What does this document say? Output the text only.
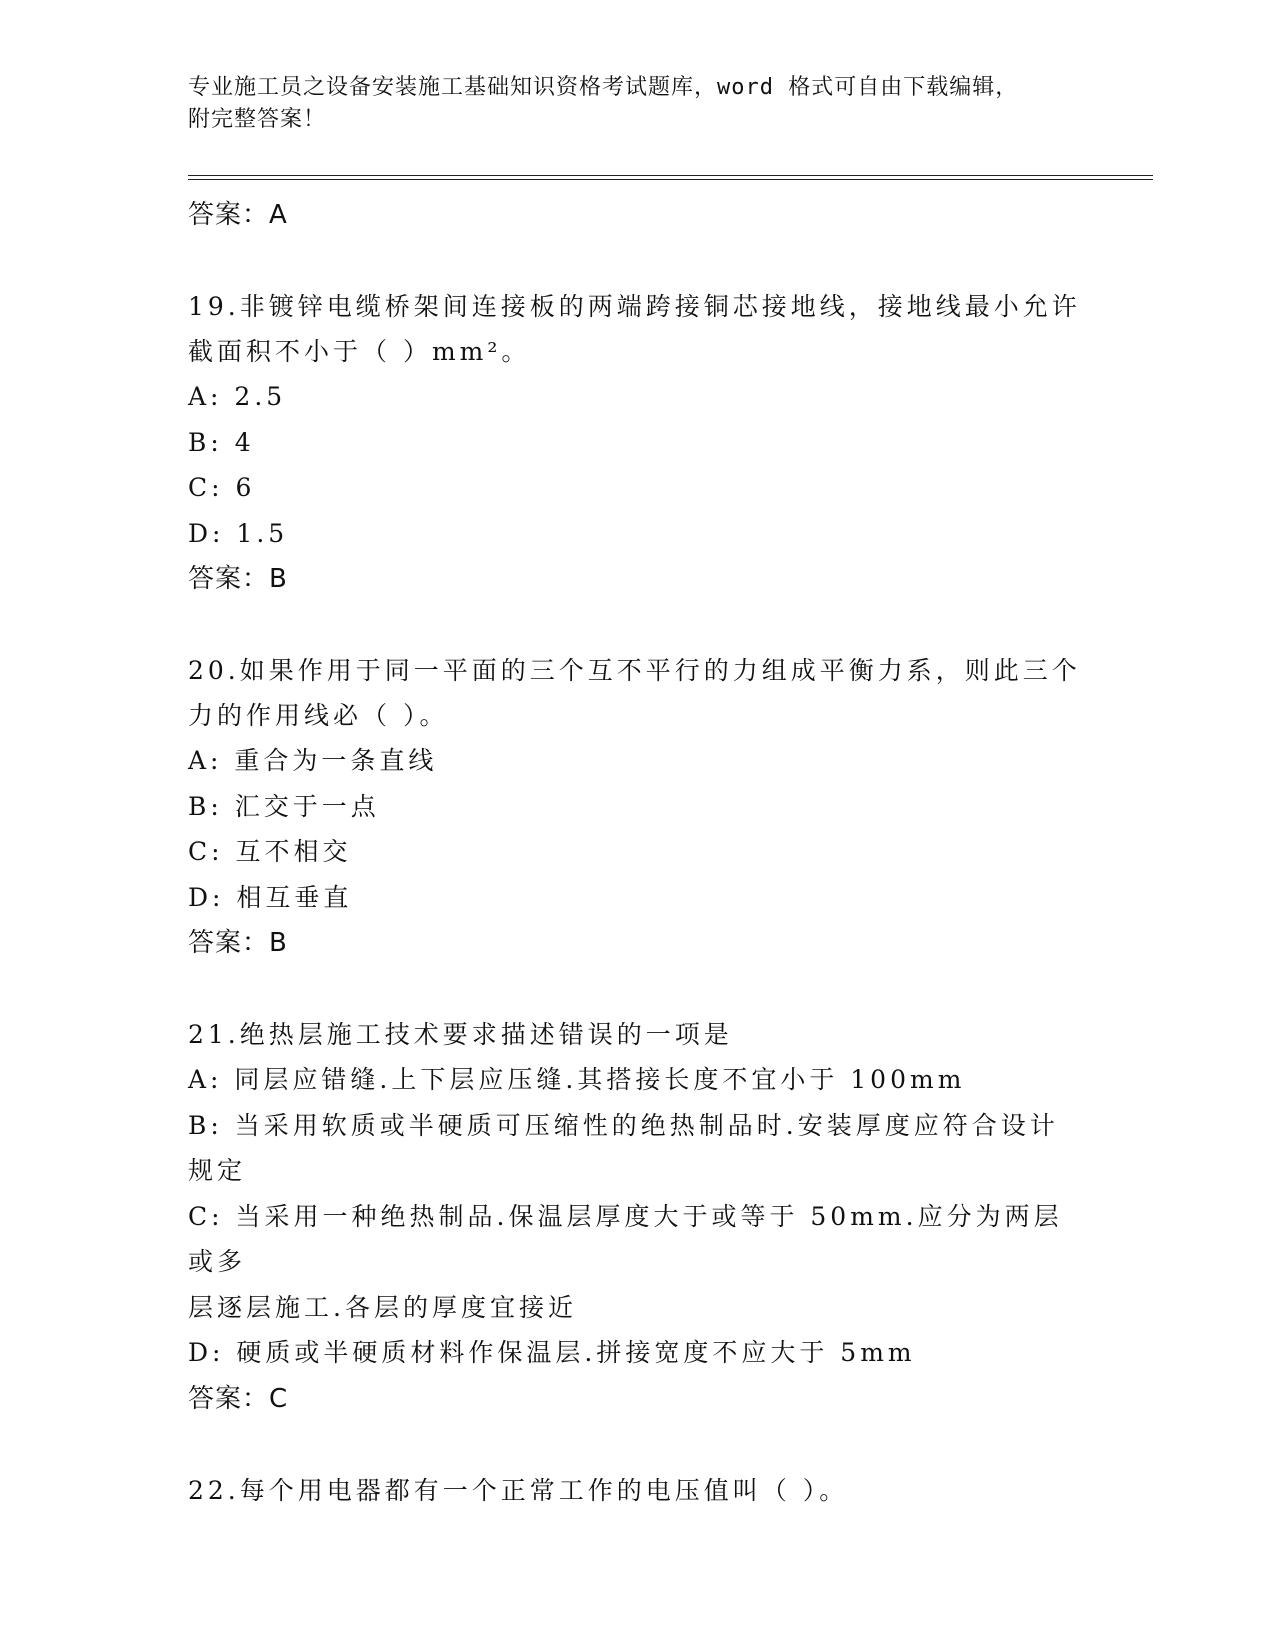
专业施工员之设备安装施工基础知识资格考试题库，word 格式可自由下载编辑，
附完整答案！

答案：A

19.非镀锌电缆桥架间连接板的两端跨接铜芯接地线，接地线最小允许

截面积不小于（ ）mm²。

A: 2.5

B: 4

C: 6

D: 1.5

答案：B

20.如果作用于同一平面的三个互不平行的力组成平衡力系，则此三个

力的作用线必（ ）。

A: 重合为一条直线

B: 汇交于一点

C: 互不相交

D: 相互垂直

答案：B

21.绝热层施工技术要求描述错误的一项是

A: 同层应错缝.上下层应压缝.其搭接长度不宜小于 100mm

B: 当采用软质或半硬质可压缩性的绝热制品时.安装厚度应符合设计

规定

C: 当采用一种绝热制品.保温层厚度大于或等于 50mm.应分为两层或多

层逐层施工.各层的厚度宜接近

D: 硬质或半硬质材料作保温层.拼接宽度不应大于 5mm

答案：C

22.每个用电器都有一个正常工作的电压值叫（ ）。
